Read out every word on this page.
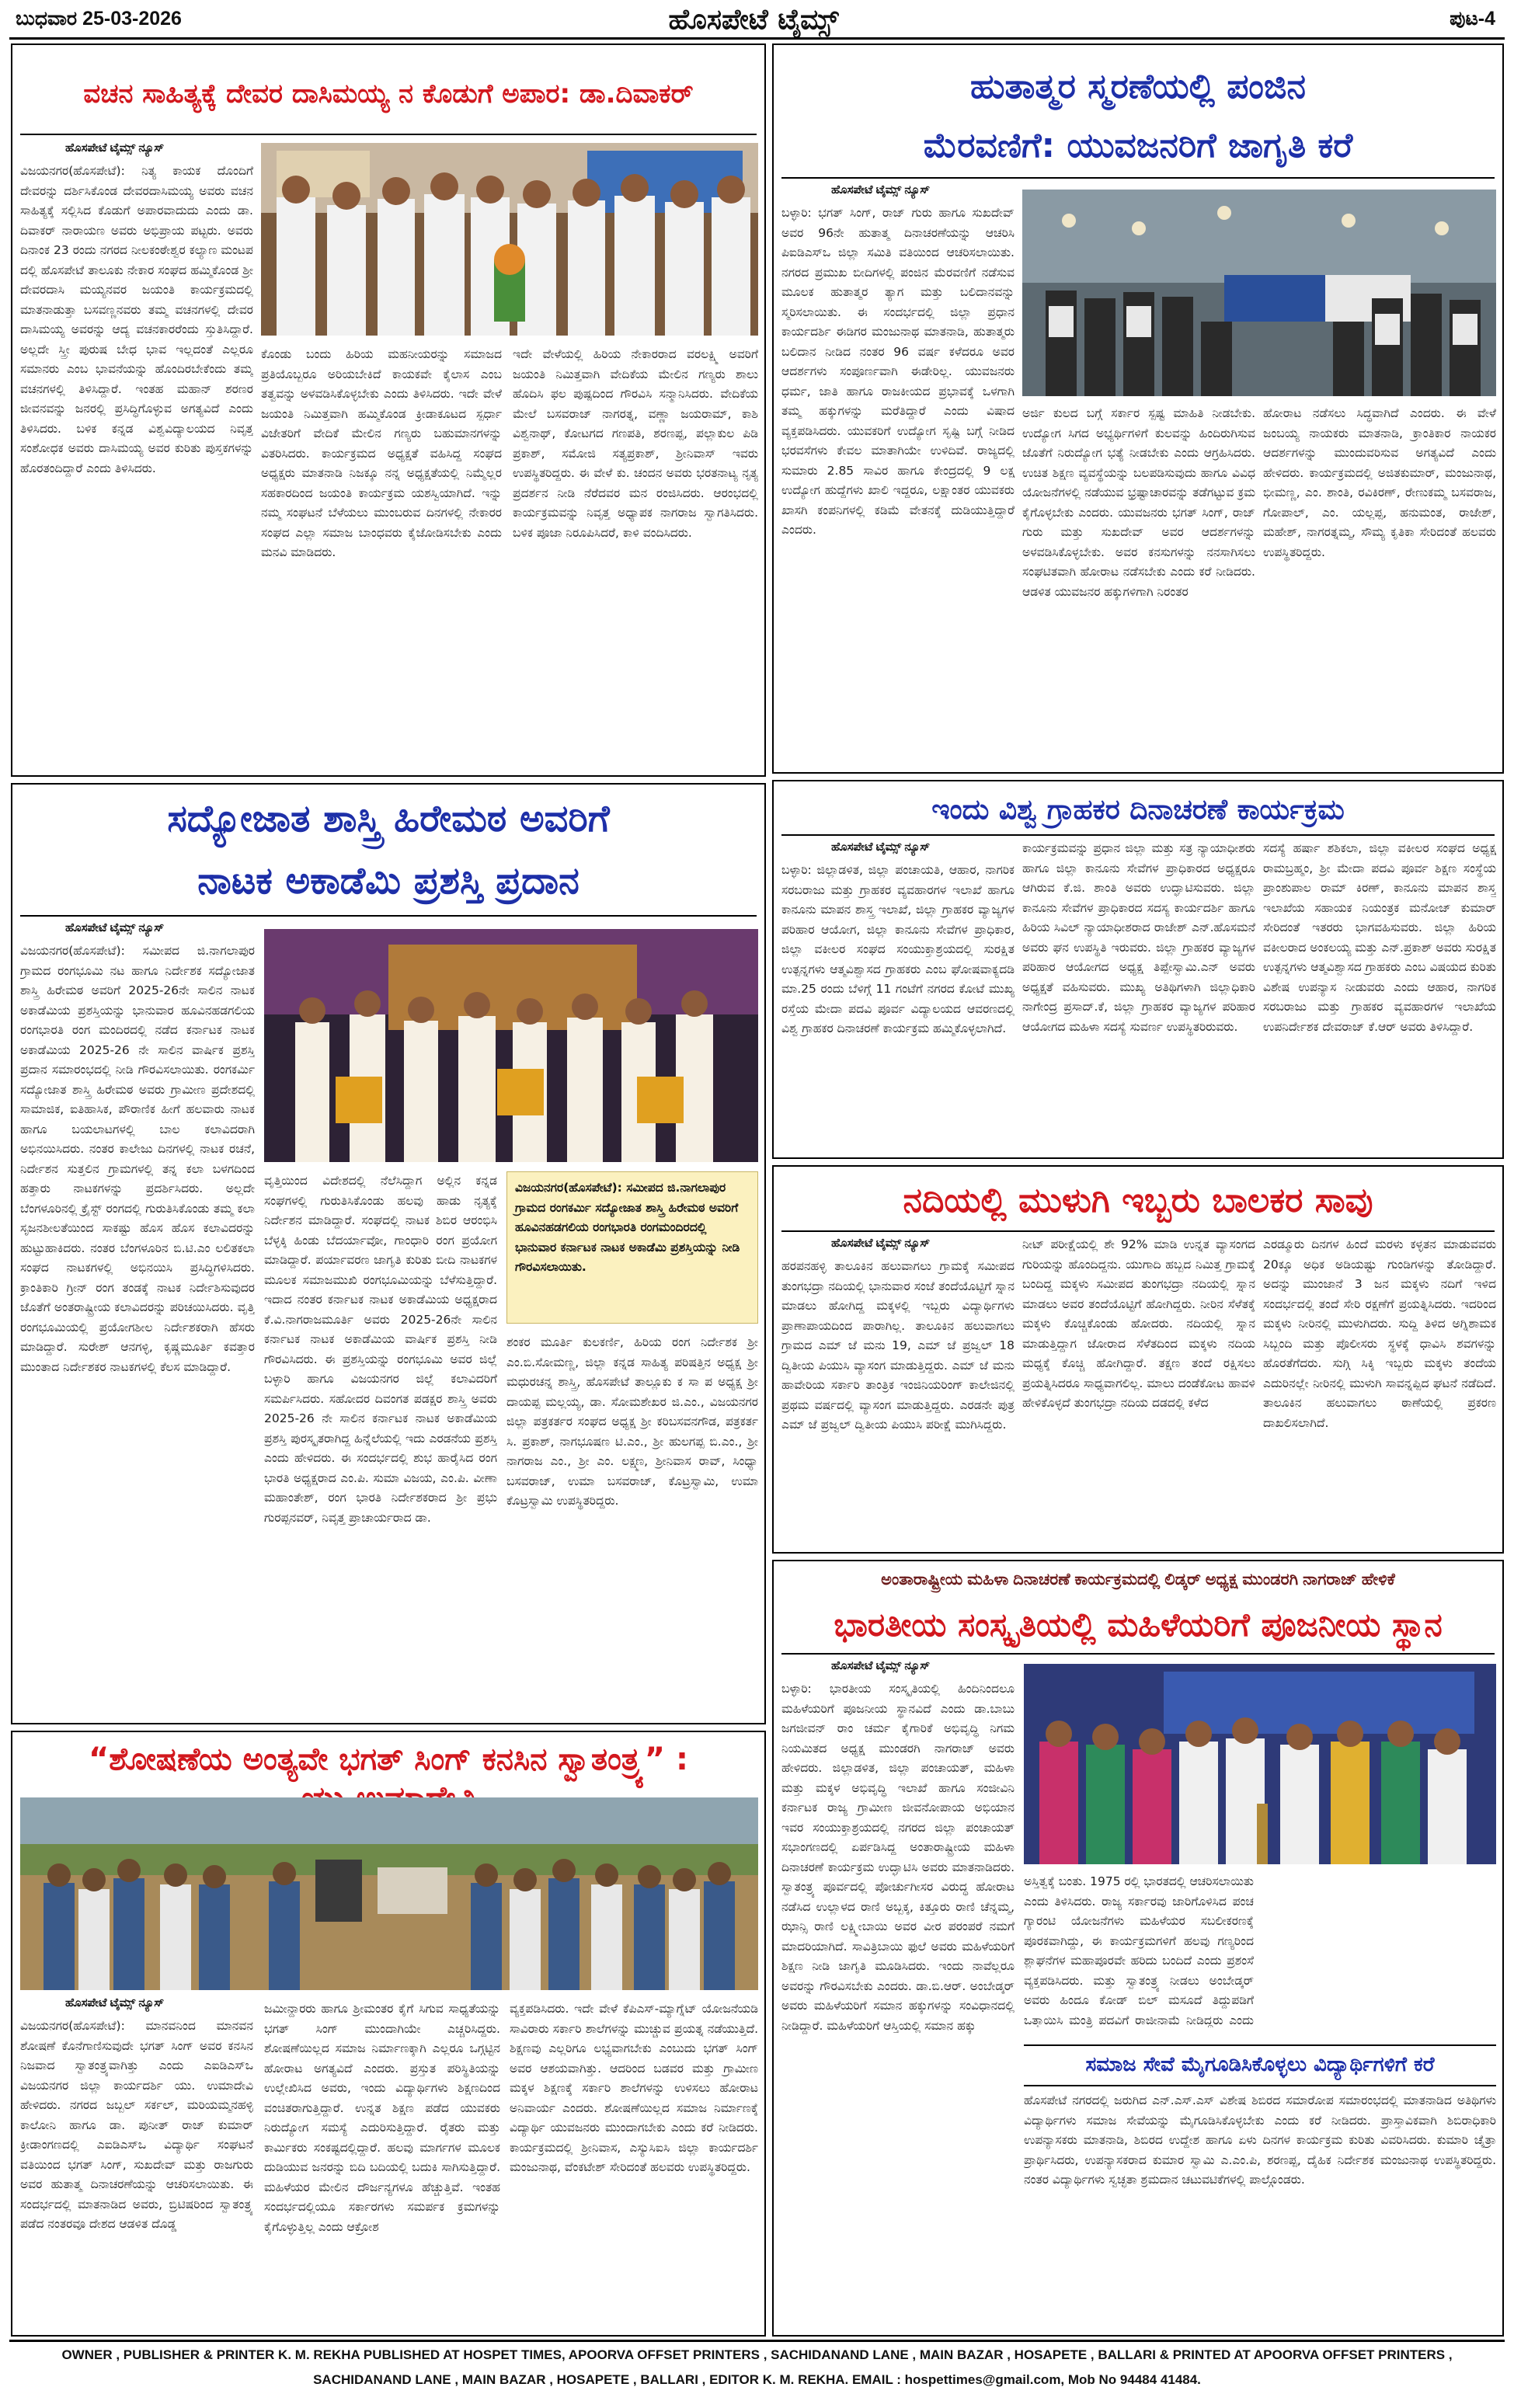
ಬುಧವಾರ 25-03-2026	ಹೊಸಪೇಟೆ ಟೈಮ್ಸ್	ಪುಟ-4
ವಚನ ಸಾಹಿತ್ಯಕ್ಕೆ ದೇವರ ದಾಸಿಮಯ್ಯ ನ ಕೊಡುಗೆ ಅಪಾರ: ಡಾ.ದಿವಾಕರ್
ಹೊಸಪೇಟೆ ಟೈಮ್ಸ್ ನ್ಯೂಸ್
ವಿಜಯನಗರ(ಹೊಸಪೇಟೆ): ನಿತ್ಯ ಕಾಯಕ ದೊಂದಿಗೆ ದೇವರನ್ನು ದರ್ಶಿಸಿಕೊಂಡ ದೇವರದಾಸಿಮಯ್ಯ ಅವರು ವಚನ ಸಾಹಿತ್ಯಕ್ಕೆ ಸಲ್ಲಿಸಿದ ಕೊಡುಗೆ ಅಪಾರವಾದುದು ಎಂದು ಡಾ. ದಿವಾಕರ್ ನಾರಾಯಣ ಅವರು ಅಭಿಪ್ರಾಯ ಪಟ್ಟರು. ಅವರು ದಿನಾಂಕ 23 ರಂದು ನಗರದ ನೀಲಕಂಠೇಶ್ವರ ಕಲ್ಯಾಣ ಮಂಟಪ ದಲ್ಲಿ ಹೊಸಪೇಟೆ ತಾಲೂಕು ನೇಕಾರ ಸಂಘದ ಹಮ್ಮಿಕೊಂಡ ಶ್ರೀ ದೇವರದಾಸಿ ಮಯ್ಯನವರ ಜಯಂತಿ ಕಾರ್ಯಕ್ರಮದಲ್ಲಿ ಮಾತನಾಡುತ್ತಾ ಬಸವಣ್ಣನವರು ತಮ್ಮ ವಚನಗಳಲ್ಲಿ ದೇವರ ದಾಸಿಮಯ್ಯ ಅವರನ್ನು ಆದ್ಯ ವಚನಕಾರರೆಂದು ಸ್ತುತಿಸಿದ್ದಾರೆ. ಅಲ್ಲದೇ ಸ್ತ್ರೀ ಪುರುಷ ಬೇಧ ಭಾವ ಇಲ್ಲದಂತೆ ಎಲ್ಲರೂ ಸಮಾನರು ಎಂಬ ಭಾವನೆಯನ್ನು ಹೊಂದಿರಬೇಕೆಂದು ತಮ್ಮ ವಚನಗಳಲ್ಲಿ ತಿಳಿಸಿದ್ದಾರೆ. ಇಂತಹ ಮಹಾನ್ ಶರಣರ ಜೀವನವನ್ನು ಜನರಲ್ಲಿ ಪ್ರಸಿದ್ಧಿಗೊಳ್ಳುವ ಅಗತ್ಯವಿದೆ ಎಂದು ತಿಳಿಸಿದರು. ಬಳಿಕ ಕನ್ನಡ ವಿಶ್ವವಿದ್ಯಾಲಯದ ನಿವೃತ್ತ ಸಂಶೋಧಕ ಅವರು ದಾಸಿಮಯ್ಯ ಅವರ ಕುರಿತು ಪುಸ್ತಕಗಳನ್ನು ಹೊರತಂದಿದ್ದಾರೆ ಎಂದು ತಿಳಿಸಿದರು.
ಕೊಂಡು ಬಂದು ಹಿರಿಯ ಮಹನೀಯರನ್ನು ಸಮಾಜದ ಪ್ರತಿಯೊಬ್ಬರೂ ಅರಿಯಬೇಕಿದೆ ಕಾಯಕವೇ ಕೈಲಾಸ ಎಂಬ ತತ್ವವನ್ನು ಅಳವಡಿಸಿಕೊಳ್ಳಬೇಕು ಎಂದು ತಿಳಿಸಿದರು. ಇದೇ ವೇಳೆ ಜಯಂತಿ ನಿಮಿತ್ತವಾಗಿ ಹಮ್ಮಿಕೊಂಡ ಕ್ರೀಡಾಕೂಟದ ಸ್ಪರ್ಧಾ ವಿಜೇತರಿಗೆ ವೇದಿಕೆ ಮೇಲಿನ ಗಣ್ಯರು ಬಹುಮಾನಗಳನ್ನು ವಿತರಿಸಿದರು. ಕಾರ್ಯಕ್ರಮದ ಅಧ್ಯಕ್ಷತೆ ವಹಿಸಿದ್ದ ಸಂಘದ ಅಧ್ಯಕ್ಷರು ಮಾತನಾಡಿ ನಿಜಕ್ಕೂ ನನ್ನ ಅಧ್ಯಕ್ಷತೆಯಲ್ಲಿ ನಿಮ್ಮೆಲ್ಲರ ಸಹಕಾರದಿಂದ ಜಯಂತಿ ಕಾರ್ಯಕ್ರಮ ಯಶಸ್ವಿಯಾಗಿದೆ. ಇನ್ನು ನಮ್ಮ ಸಂಘಟನೆ ಬೆಳೆಯಲು ಮುಂಬರುವ ದಿನಗಳಲ್ಲಿ ನೇಕಾರರ ಸಂಘದ ಎಲ್ಲಾ ಸಮಾಜ ಬಾಂಧವರು ಕೈಜೋಡಿಸಬೇಕು ಎಂದು ಮನವಿ ಮಾಡಿದರು.
ಇದೇ ವೇಳೆಯಲ್ಲಿ ಹಿರಿಯ ನೇಕಾರರಾದ ವರಲಕ್ಷ್ಮಿ ಅವರಿಗೆ ಜಯಂತಿ ನಿಮಿತ್ತವಾಗಿ ವೇದಿಕೆಯ ಮೇಲಿನ ಗಣ್ಯರು ಶಾಲು ಹೊದಿಸಿ ಫಲ ಪುಷ್ಪದಿಂದ ಗೌರವಿಸಿ ಸನ್ಮಾನಿಸಿದರು. ವೇದಿಕೆಯ ಮೇಲೆ ಬಸವರಾಜ್ ನಾಗರತ್ನ, ವಣ್ಣಾ ಜಯರಾಮ್, ಕಾಶಿ ವಿಶ್ವನಾಥ್, ಕೋಟಗದ ಗಣಪತಿ, ಶರಣಪ್ಪ, ಪಲ್ಲಾಕುಲ ಪಿಡಿ ಪ್ರಕಾಶ್, ಸಮೋಜಿ ಸತ್ಯಪ್ರಕಾಶ್, ಶ್ರೀನಿವಾಸ್ ಇವರು ಉಪಸ್ಥಿತರಿದ್ದರು. ಈ ವೇಳೆ ಕು. ಚಂದನ ಅವರು ಭರತನಾಟ್ಯ ನೃತ್ಯ ಪ್ರದರ್ಶನ ನೀಡಿ ನೆರೆದವರ ಮನ ರಂಜಿಸಿದರು. ಆರಂಭದಲ್ಲಿ ಕಾರ್ಯಕ್ರಮವನ್ನು ನಿವೃತ್ತ ಅಧ್ಯಾಪಕ ನಾಗರಾಜ ಸ್ವಾಗತಿಸಿದರು. ಬಳಿಕ ಪೂಜಾ ನಿರೂಪಿಸಿದರೆ, ಕಾಳಿ ವಂದಿಸಿದರು.
ಹುತಾತ್ಮರ ಸ್ಮರಣೆಯಲ್ಲಿ ಪಂಜಿನ
ಮೆರವಣಿಗೆ: ಯುವಜನರಿಗೆ ಜಾಗೃತಿ ಕರೆ
ಹೊಸಪೇಟೆ ಟೈಮ್ಸ್ ನ್ಯೂಸ್
ಬಳ್ಳಾರಿ: ಭಗತ್ ಸಿಂಗ್, ರಾಜ್ ಗುರು ಹಾಗೂ ಸುಖದೇವ್ ಅವರ 96ನೇ ಹುತಾತ್ಮ ದಿನಾಚರಣೆಯನ್ನು ಆಚರಿಸಿ ಪಿಐಡಿಎಸ್ಒ ಜಿಲ್ಲಾ ಸಮಿತಿ ವತಿಯಿಂದ ಆಚರಿಸಲಾಯಿತು. ನಗರದ ಪ್ರಮುಖ ಬೀದಿಗಳಲ್ಲಿ ಪಂಜಿನ ಮೆರವಣಿಗೆ ನಡೆಸುವ ಮೂಲಕ ಹುತಾತ್ಮರ ತ್ಯಾಗ ಮತ್ತು ಬಲಿದಾನವನ್ನು ಸ್ಮರಿಸಲಾಯಿತು. ಈ ಸಂದರ್ಭದಲ್ಲಿ ಜಿಲ್ಲಾ ಪ್ರಧಾನ ಕಾರ್ಯದರ್ಶಿ ಈಡಿಗರ ಮಂಜುನಾಥ ಮಾತನಾಡಿ, ಹುತಾತ್ಮರು ಬಲಿದಾನ ನೀಡಿದ ನಂತರ 96 ವರ್ಷ ಕಳೆದರೂ ಅವರ ಆದರ್ಶಗಳು ಸಂಪೂರ್ಣವಾಗಿ ಈಡೇರಿಲ್ಲ. ಯುವಜನರು ಧರ್ಮ, ಜಾತಿ ಹಾಗೂ ರಾಜಕೀಯದ ಪ್ರಭಾವಕ್ಕೆ ಒಳಗಾಗಿ ತಮ್ಮ ಹಕ್ಕುಗಳನ್ನು ಮರೆತಿದ್ದಾರೆ ಎಂದು ವಿಷಾದ ವ್ಯಕ್ತಪಡಿಸಿದರು. ಯುವಕರಿಗೆ ಉದ್ಯೋಗ ಸೃಷ್ಟಿ ಬಗ್ಗೆ ನೀಡಿದ ಭರವಸೆಗಳು ಕೇವಲ ಮಾತಾಗಿಯೇ ಉಳಿದಿವೆ. ರಾಜ್ಯದಲ್ಲಿ ಸುಮಾರು 2.85 ಸಾವಿರ ಹಾಗೂ ಕೇಂದ್ರದಲ್ಲಿ 9 ಲಕ್ಷ ಉದ್ಯೋಗ ಹುದ್ದೆಗಳು ಖಾಲಿ ಇದ್ದರೂ, ಲಕ್ಷಾಂತರ ಯುವಕರು ಖಾಸಗಿ ಕಂಪನಿಗಳಲ್ಲಿ ಕಡಿಮೆ ವೇತನಕ್ಕೆ ದುಡಿಯುತ್ತಿದ್ದಾರೆ ಎಂದರು.
ಅರ್ಜಿ ಕುಲದ ಬಗ್ಗೆ ಸರ್ಕಾರ ಸ್ಪಷ್ಟ ಮಾಹಿತಿ ನೀಡಬೇಕು. ಉದ್ಯೋಗ ಸಿಗದ ಅಭ್ಯರ್ಥಿಗಳಿಗೆ ಕುಲವನ್ನು ಹಿಂದಿರುಗಿಸುವ ಜೊತೆಗೆ ನಿರುದ್ಯೋಗ ಭತ್ಯೆ ನೀಡಬೇಕು ಎಂದು ಆಗ್ರಹಿಸಿದರು. ಉಚಿತ ಶಿಕ್ಷಣ ವ್ಯವಸ್ಥೆಯನ್ನು ಬಲಪಡಿಸುವುದು ಹಾಗೂ ವಿವಿಧ ಯೋಜನೆಗಳಲ್ಲಿ ನಡೆಯುವ ಭ್ರಷ್ಟಾಚಾರವನ್ನು ತಡೆಗಟ್ಟುವ ಕ್ರಮ ಕೈಗೊಳ್ಳಬೇಕು ಎಂದರು. ಯುವಜನರು ಭಗತ್ ಸಿಂಗ್, ರಾಜ್ ಗುರು ಮತ್ತು ಸುಖದೇವ್ ಅವರ ಆದರ್ಶಗಳನ್ನು ಅಳವಡಿಸಿಕೊಳ್ಳಬೇಕು. ಅವರ ಕನಸುಗಳನ್ನು ನನಸಾಗಿಸಲು ಸಂಘಟಿತವಾಗಿ ಹೋರಾಟ ನಡೆಸಬೇಕು ಎಂದು ಕರೆ ನೀಡಿದರು. ಆಡಳಿತ ಯುವಜನರ ಹಕ್ಕುಗಳಿಗಾಗಿ ನಿರಂತರ
ಹೋರಾಟ ನಡೆಸಲು ಸಿದ್ಧವಾಗಿದೆ ಎಂದರು. ಈ ವೇಳೆ ಜಂಬಯ್ಯ ನಾಯಕರು ಮಾತನಾಡಿ, ಕ್ರಾಂತಿಕಾರ ನಾಯಕರ ಆದರ್ಶಗಳನ್ನು ಮುಂದುವರಿಸುವ ಅಗತ್ಯವಿದೆ ಎಂದು ಹೇಳಿದರು. ಕಾರ್ಯಕ್ರಮದಲ್ಲಿ ಅಜಿತಕುಮಾರ್, ಮಂಜುನಾಥ, ಭೀಮಣ್ಣ, ಎಂ. ಶಾಂತಿ, ರವಿಕಿರಣ್, ರೇಣುಕಮ್ಮ ಬಸವರಾಜ, ಗೋಪಾಲ್, ಎಂ. ಯಲ್ಲಪ್ಪ, ಹನುಮಂತ, ರಾಜೇಶ್, ಮಹೇಶ್, ನಾಗರತ್ನಮ್ಮ, ಸೌಮ್ಯ ಕೃತಿಕಾ ಸೇರಿದಂತೆ ಹಲವರು ಉಪಸ್ಥಿತರಿದ್ದರು.
ಸದ್ಯೋಜಾತ ಶಾಸ್ತ್ರಿ ಹಿರೇಮಠ ಅವರಿಗೆ
ನಾಟಕ ಅಕಾಡೆಮಿ ಪ್ರಶಸ್ತಿ ಪ್ರದಾನ
ಹೊಸಪೇಟೆ ಟೈಮ್ಸ್ ನ್ಯೂಸ್
ವಿಜಯನಗರ(ಹೊಸಪೇಟೆ): ಸಮೀಪದ ಜಿ.ನಾಗಲಾಪುರ ಗ್ರಾಮದ ರಂಗಭೂಮಿ ನಟ ಹಾಗೂ ನಿರ್ದೇಶಕ ಸದ್ಯೋಜಾತ ಶಾಸ್ತ್ರಿ ಹಿರೇಮಠ ಅವರಿಗೆ 2025-26ನೇ ಸಾಲಿನ ನಾಟಕ ಅಕಾಡೆಮಿಯ ಪ್ರಶಸ್ತಿಯನ್ನು ಭಾನುವಾರ ಹೂವಿನಹಡಗಲಿಯ ರಂಗಭಾರತಿ ರಂಗ ಮಂದಿರದಲ್ಲಿ ನಡೆದ ಕರ್ನಾಟಕ ನಾಟಕ ಅಕಾಡೆಮಿಯ 2025-26 ನೇ ಸಾಲಿನ ವಾರ್ಷಿಕ ಪ್ರಶಸ್ತಿ ಪ್ರದಾನ ಸಮಾರಂಭದಲ್ಲಿ ನೀಡಿ ಗೌರವಿಸಲಾಯಿತು. ರಂಗಕರ್ಮಿ ಸದ್ಯೋಜಾತ ಶಾಸ್ತ್ರಿ ಹಿರೇಮಠ ಅವರು ಗ್ರಾಮೀಣ ಪ್ರದೇಶದಲ್ಲಿ ಸಾಮಾಜಿಕ, ಐತಿಹಾಸಿಕ, ಪೌರಾಣಿಕ ಹೀಗೆ ಹಲವಾರು ನಾಟಕ ಹಾಗೂ ಬಯಲಾಟಗಳಲ್ಲಿ ಬಾಲ ಕಲಾವಿದರಾಗಿ ಅಭಿನಯಿಸಿದರು. ನಂತರ ಕಾಲೇಜು ದಿನಗಳಲ್ಲಿ ನಾಟಕ ರಚನೆ, ನಿರ್ದೇಶನ ಸುತ್ತಲಿನ ಗ್ರಾಮಗಳಲ್ಲಿ ತನ್ನ ಕಲಾ ಬಳಗದಿಂದ ಹತ್ತಾರು ನಾಟಕಗಳನ್ನು ಪ್ರದರ್ಶಿಸಿದರು. ಅಲ್ಲದೇ ಬೆಂಗಳೂರಿನಲ್ಲಿ ಕ್ರೈಸ್ಟ್ ರಂಗದಲ್ಲಿ ಗುರುತಿಸಿಕೊಂಡು ತಮ್ಮ ಕಲಾ ಸೃಜನಶೀಲತೆಯಿಂದ ಸಾಕಷ್ಟು ಹೊಸ ಹೊಸ ಕಲಾವಿದರನ್ನು ಹುಟ್ಟುಹಾಕಿದರು. ನಂತರ ಬೆಂಗಳೂರಿನ ಬಿ.ಟಿ.ಎಂ ಲಲಿತಕಲಾ ಸಂಘದ ನಾಟಕಗಳಲ್ಲಿ ಅಭಿನಯಿಸಿ ಪ್ರಸಿದ್ಧಿಗಳಿಸಿದರು. ಕ್ರಾಂತಿಕಾರಿ ಗ್ರೀನ್ ರಂಗ ತಂಡಕ್ಕೆ ನಾಟಕ ನಿರ್ದೇಶಿಸುವುದರ ಜೊತೆಗೆ ಅಂತರಾಷ್ಟ್ರೀಯ ಕಲಾವಿದರನ್ನು ಪರಿಚಯಿಸಿದರು. ವೃತ್ತಿ ರಂಗಭೂಮಿಯಲ್ಲಿ ಪ್ರಯೋಗಶೀಲ ನಿರ್ದೇಶಕರಾಗಿ ಹೆಸರು ಮಾಡಿದ್ದಾರೆ. ಸುರೇಶ್ ಆನಗಳ್ಳಿ, ಕೃಷ್ಣಮೂರ್ತಿ ಕವತ್ತಾರ ಮುಂತಾದ ನಿರ್ದೇಶಕರ ನಾಟಕಗಳಲ್ಲಿ ಕೆಲಸ ಮಾಡಿದ್ದಾರೆ.
ವೃತ್ತಿಯಿಂದ ವಿದೇಶದಲ್ಲಿ ನೆಲೆಸಿದ್ದಾಗ ಅಲ್ಲಿನ ಕನ್ನಡ ಸಂಘಗಳಲ್ಲಿ ಗುರುತಿಸಿಕೊಂಡು ಹಲವು ಹಾಡು ನೃತ್ಯಕ್ಕೆ ನಿರ್ದೇಶನ ಮಾಡಿದ್ದಾರೆ. ಸಂಘದಲ್ಲಿ ನಾಟಕ ಶಿಬಿರ ಆರಂಭಿಸಿ ಬೆಳ್ಳಕ್ಕಿ ಹಿಂಡು ಬೆದರ್ಯಾವೋ, ಗಾಂಧಾರಿ ರಂಗ ಪ್ರಯೋಗ ಮಾಡಿದ್ದಾರೆ. ಪರ್ಯಾವರಣ ಜಾಗೃತಿ ಕುರಿತು ಬೀದಿ ನಾಟಕಗಳ ಮೂಲಕ ಸಮಾಜಮುಖಿ ರಂಗಭೂಮಿಯನ್ನು ಬೆಳೆಸುತ್ತಿದ್ದಾರೆ. ಇದಾದ ನಂತರ ಕರ್ನಾಟಕ ನಾಟಕ ಅಕಾಡೆಮಿಯ ಅಧ್ಯಕ್ಷರಾದ ಕೆ.ವಿ.ನಾಗರಾಜಮೂರ್ತಿ ಅವರು 2025-26ನೇ ಸಾಲಿನ ಕರ್ನಾಟಕ ನಾಟಕ ಅಕಾಡೆಮಿಯ ವಾರ್ಷಿಕ ಪ್ರಶಸ್ತಿ ನೀಡಿ ಗೌರವಿಸಿದರು. ಈ ಪ್ರಶಸ್ತಿಯನ್ನು ರಂಗಭೂಮಿ ಅವರ ಜಿಲ್ಲೆ ಬಳ್ಳಾರಿ ಹಾಗೂ ವಿಜಯನಗರ ಜಿಲ್ಲೆ ಕಲಾವಿದರಿಗೆ ಸಮರ್ಪಿಸಿದರು. ಸಹೋದರ ದಿವಂಗತ ಪಡಕ್ಷರ ಶಾಸ್ತ್ರಿ ಅವರು 2025-26 ನೇ ಸಾಲಿನ ಕರ್ನಾಟಕ ನಾಟಕ ಅಕಾಡೆಮಿಯ ಪ್ರಶಸ್ತಿ ಪುರಸ್ಕೃತರಾಗಿದ್ದ ಹಿನ್ನೆಲೆಯಲ್ಲಿ ಇದು ಎರಡನೆಯ ಪ್ರಶಸ್ತಿ ಎಂದು ಹೇಳಿದರು. ಈ ಸಂದರ್ಭದಲ್ಲಿ ಶುಭ ಹಾರೈಸಿದ ರಂಗ ಭಾರತಿ ಅಧ್ಯಕ್ಷರಾದ ಎಂ.ಪಿ. ಸುಮಾ ವಿಜಯ, ಎಂ.ಪಿ. ವೀಣಾ ಮಹಾಂತೇಶ್, ರಂಗ ಭಾರತಿ ನಿರ್ದೇಶಕರಾದ ಶ್ರೀ ಪ್ರಭು ಗುರಪ್ಪನವರ್, ನಿವೃತ್ತ ಪ್ರಾಚಾರ್ಯರಾದ ಡಾ.
ವಿಜಯನಗರ(ಹೊಸಪೇಟೆ): ಸಮೀಪದ ಜಿ.ನಾಗಲಾಪುರ ಗ್ರಾಮದ ರಂಗಕರ್ಮಿ ಸದ್ಯೋಜಾತ ಶಾಸ್ತ್ರಿ ಹಿರೇಮಠ ಅವರಿಗೆ ಹೂವಿನಹಡಗಲಿಯ ರಂಗಭಾರತಿ ರಂಗಮಂದಿರದಲ್ಲಿ ಭಾನುವಾರ ಕರ್ನಾಟಕ ನಾಟಕ ಅಕಾಡೆಮಿ ಪ್ರಶಸ್ತಿಯನ್ನು ನೀಡಿ ಗೌರವಿಸಲಾಯಿತು.
ಶಂಕರ ಮೂರ್ತಿ ಕುಲಕರ್ಣಿ, ಹಿರಿಯ ರಂಗ ನಿರ್ದೇಶಕ ಶ್ರೀ ಎಂ.ಬಿ.ಸೋಮಣ್ಣ, ಜಿಲ್ಲಾ ಕನ್ನಡ ಸಾಹಿತ್ಯ ಪರಿಷತ್ತಿನ ಅಧ್ಯಕ್ಷ ಶ್ರೀ ಮಧುರಚನ್ನ ಶಾಸ್ತ್ರಿ, ಹೊಸಪೇಟೆ ತಾಲ್ಲೂಕು ಕ ಸಾ ಪ ಅಧ್ಯಕ್ಷ ಶ್ರೀ ದಾಯಪ್ಪ ಮಲ್ಲಯ್ಯ, ಡಾ. ಸೋಮಶೇಖರ ಜಿ.ಎಂ., ವಿಜಯನಗರ ಜಿಲ್ಲಾ ಪತ್ರಕರ್ತರ ಸಂಘದ ಅಧ್ಯಕ್ಷ ಶ್ರೀ ಕರಿಬಸವನಗೌಡ, ಪತ್ರಕರ್ತ ಸಿ. ಪ್ರಕಾಶ್, ನಾಗಭೂಷಣ ಟಿ.ಎಂ., ಶ್ರೀ ಹುಲಗಪ್ಪ ಬಿ.ಎಂ., ಶ್ರೀ ನಾಗರಾಜ ಎಂ., ಶ್ರೀ ಎಂ. ಲಕ್ಷ್ಮಣ, ಶ್ರೀನಿವಾಸ ರಾವ್, ಸಿಂಧ್ಯಾ ಬಸವರಾಜ್, ಉಮಾ ಬಸವರಾಜ್, ಕೊಟ್ರಸ್ವಾಮಿ, ಉಮಾ ಕೊಟ್ರಸ್ವಾಮಿ ಉಪಸ್ಥಿತರಿದ್ದರು.
ಇಂದು ವಿಶ್ವ ಗ್ರಾಹಕರ ದಿನಾಚರಣೆ ಕಾರ್ಯಕ್ರಮ
ಹೊಸಪೇಟೆ ಟೈಮ್ಸ್ ನ್ಯೂಸ್
ಬಳ್ಳಾರಿ: ಜಿಲ್ಲಾಡಳಿತ, ಜಿಲ್ಲಾ ಪಂಚಾಯತಿ, ಆಹಾರ, ನಾಗರಿಕ ಸರಬರಾಜು ಮತ್ತು ಗ್ರಾಹಕರ ವ್ಯವಹಾರಗಳ ಇಲಾಖೆ ಹಾಗೂ ಕಾನೂನು ಮಾಪನ ಶಾಸ್ತ್ರ ಇಲಾಖೆ, ಜಿಲ್ಲಾ ಗ್ರಾಹಕರ ವ್ಯಾಜ್ಯಗಳ ಪರಿಹಾರ ಆಯೋಗ, ಜಿಲ್ಲಾ ಕಾನೂನು ಸೇವೆಗಳ ಪ್ರಾಧಿಕಾರ, ಜಿಲ್ಲಾ ವಕೀಲರ ಸಂಘದ ಸಂಯುಕ್ತಾಶ್ರಯದಲ್ಲಿ ಸುರಕ್ಷಿತ ಉತ್ಪನ್ನಗಳು ಆತ್ಮವಿಶ್ವಾಸದ ಗ್ರಾಹಕರು ಎಂಬ ಘೋಷವಾಕ್ಯದಡಿ ಮಾ.25 ರಂದು ಬೆಳಿಗ್ಗೆ 11 ಗಂಟೆಗೆ ನಗರದ ಕೋಟೆ ಮುಖ್ಯ ರಸ್ತೆಯ ಮೇದಾ ಪದವಿ ಪೂರ್ವ ವಿದ್ಯಾಲಯದ ಆವರಣದಲ್ಲಿ ವಿಶ್ವ ಗ್ರಾಹಕರ ದಿನಾಚರಣೆ ಕಾರ್ಯಕ್ರಮ ಹಮ್ಮಿಕೊಳ್ಳಲಾಗಿದೆ.
ಕಾರ್ಯಕ್ರಮವನ್ನು ಪ್ರಧಾನ ಜಿಲ್ಲಾ ಮತ್ತು ಸತ್ರ ನ್ಯಾಯಾಧೀಶರು ಹಾಗೂ ಜಿಲ್ಲಾ ಕಾನೂನು ಸೇವೆಗಳ ಪ್ರಾಧಿಕಾರದ ಅಧ್ಯಕ್ಷರೂ ಆಗಿರುವ ಕೆ.ಜಿ. ಶಾಂತಿ ಅವರು ಉದ್ಘಾಟಿಸುವರು. ಜಿಲ್ಲಾ ಕಾನೂನು ಸೇವೆಗಳ ಪ್ರಾಧಿಕಾರದ ಸದಸ್ಯ ಕಾರ್ಯದರ್ಶಿ ಹಾಗೂ ಹಿರಿಯ ಸಿವಿಲ್ ನ್ಯಾಯಾಧೀಶರಾದ ರಾಜೇಶ್ ಎನ್.ಹೊಸಮನೆ ಅವರು ಘನ ಉಪಸ್ಥಿತಿ ಇರುವರು. ಜಿಲ್ಲಾ ಗ್ರಾಹಕರ ವ್ಯಾಜ್ಯಗಳ ಪರಿಹಾರ ಆಯೋಗದ ಅಧ್ಯಕ್ಷ ತಿಪ್ಪೇಸ್ವಾಮಿ.ಎನ್ ಅವರು ಅಧ್ಯಕ್ಷತೆ ವಹಿಸುವರು. ಮುಖ್ಯ ಅತಿಥಿಗಳಾಗಿ ಜಿಲ್ಲಾಧಿಕಾರಿ ನಾಗೇಂದ್ರ ಪ್ರಸಾದ್.ಕೆ, ಜಿಲ್ಲಾ ಗ್ರಾಹಕರ ವ್ಯಾಜ್ಯಗಳ ಪರಿಹಾರ ಆಯೋಗದ ಮಹಿಳಾ ಸದಸ್ಯೆ ಸುವರ್ಣ ಉಪಸ್ಥಿತರಿರುವರು.
ಸದಸ್ಯೆ ಹರ್ಷಾ ಶಶಿಕಲಾ, ಜಿಲ್ಲಾ ವಕೀಲರ ಸಂಘದ ಅಧ್ಯಕ್ಷ ರಾಮಬ್ರಹ್ಮಂ, ಶ್ರೀ ಮೇದಾ ಪದವಿ ಪೂರ್ವ ಶಿಕ್ಷಣ ಸಂಸ್ಥೆಯ ಪ್ರಾಂಶುಪಾಲ ರಾಮ್ ಕಿರಣ್, ಕಾನೂನು ಮಾಪನ ಶಾಸ್ತ್ರ ಇಲಾಖೆಯ ಸಹಾಯಕ ನಿಯಂತ್ರಕ ಮನೋಜ್ ಕುಮಾರ್ ಸೇರಿದಂತೆ ಇತರರು ಭಾಗವಹಿಸುವರು. ಜಿಲ್ಲಾ ಹಿರಿಯ ವಕೀಲರಾದ ಅಂಕಲಯ್ಯ ಮತ್ತು ಎನ್.ಪ್ರಕಾಶ್ ಅವರು ಸುರಕ್ಷಿತ ಉತ್ಪನ್ನಗಳು ಆತ್ಮವಿಶ್ವಾಸದ ಗ್ರಾಹಕರು ಎಂಬ ವಿಷಯದ ಕುರಿತು ವಿಶೇಷ ಉಪನ್ಯಾಸ ನೀಡುವರು ಎಂದು ಆಹಾರ, ನಾಗರಿಕ ಸರಬರಾಜು ಮತ್ತು ಗ್ರಾಹಕರ ವ್ಯವಹಾರಗಳ ಇಲಾಖೆಯ ಉಪನಿರ್ದೇಶಕ ದೇವರಾಜ್ ಕೆ.ಆರ್ ಅವರು ತಿಳಿಸಿದ್ದಾರೆ.
ನದಿಯಲ್ಲಿ ಮುಳುಗಿ ಇಬ್ಬರು ಬಾಲಕರ ಸಾವು
ಹೊಸಪೇಟೆ ಟೈಮ್ಸ್ ನ್ಯೂಸ್
ಹರಪನಹಳ್ಳಿ ತಾಲೂಕಿನ ಹಲುವಾಗಲು ಗ್ರಾಮಕ್ಕೆ ಸಮೀಪದ ತುಂಗಭದ್ರಾ ನದಿಯಲ್ಲಿ ಭಾನುವಾರ ಸಂಜೆ ತಂದೆಯೊಟ್ಟಿಗೆ ಸ್ನಾನ ಮಾಡಲು ಹೋಗಿದ್ದ ಮಕ್ಕಳಲ್ಲಿ ಇಬ್ಬರು ವಿದ್ಯಾರ್ಥಿಗಳು ಪ್ರಾಣಾಪಾಯದಿಂದ ಪಾರಾಗಿಲ್ಲ. ತಾಲೂಕಿನ ಹಲುವಾಗಲು ಗ್ರಾಮದ ಎಮ್ ಜೆ ಮನು 19, ಎಮ್ ಜೆ ಪ್ರಜ್ವಲ್ 18 ದ್ವಿತೀಯ ಪಿಯುಸಿ ವ್ಯಾಸಂಗ ಮಾಡುತ್ತಿದ್ದರು. ಎಮ್ ಜೆ ಮನು ಹಾವೇರಿಯ ಸರ್ಕಾರಿ ತಾಂತ್ರಿಕ ಇಂಜಿನಿಯರಿಂಗ್ ಕಾಲೇಜಿನಲ್ಲಿ ಪ್ರಥಮ ವರ್ಷದಲ್ಲಿ ವ್ಯಾಸಂಗ ಮಾಡುತ್ತಿದ್ದರು. ಎರಡನೇ ಪುತ್ರ ಎಮ್ ಜೆ ಪ್ರಜ್ವಲ್ ದ್ವಿತೀಯ ಪಿಯುಸಿ ಪರೀಕ್ಷೆ ಮುಗಿಸಿದ್ದರು.
ನೀಟ್ ಪರೀಕ್ಷೆಯಲ್ಲಿ ಶೇ 92% ಮಾಡಿ ಉನ್ನತ ವ್ಯಾಸಂಗದ ಗುರಿಯನ್ನು ಹೊಂದಿದ್ದನು. ಯುಗಾದಿ ಹಬ್ಬದ ನಿಮಿತ್ತ ಗ್ರಾಮಕ್ಕೆ ಬಂದಿದ್ದ ಮಕ್ಕಳು ಸಮೀಪದ ತುಂಗಭದ್ರಾ ನದಿಯಲ್ಲಿ ಸ್ನಾನ ಮಾಡಲು ಅವರ ತಂದೆಯೊಟ್ಟಿಗೆ ಹೋಗಿದ್ದರು. ನೀರಿನ ಸೆಳೆತಕ್ಕೆ ಮಕ್ಕಳು ಕೊಚ್ಚಿಕೊಂಡು ಹೋದರು. ನದಿಯಲ್ಲಿ ಸ್ನಾನ ಮಾಡುತ್ತಿದ್ದಾಗ ಜೋರಾದ ಸೆಳೆತದಿಂದ ಮಕ್ಕಳು ನದಿಯ ಮಧ್ಯಕ್ಕೆ ಕೊಚ್ಚಿ ಹೋಗಿದ್ದಾರೆ. ತಕ್ಷಣ ತಂದೆ ರಕ್ಷಿಸಲು ಪ್ರಯತ್ನಿಸಿದರೂ ಸಾಧ್ಯವಾಗಲಿಲ್ಲ. ಮಾಲು ದಂಡೆಕೋಟ ಹಾವಳಿ ಹೇಳಿಕೊಳ್ಳದೆ ತುಂಗಭದ್ರಾ ನದಿಯ ದಡದಲ್ಲಿ ಕಳೆದ
ಎರಡ್ಮೂರು ದಿನಗಳ ಹಿಂದೆ ಮರಳು ಕಳ್ಳತನ ಮಾಡುವವರು 20ಕ್ಕೂ ಅಧಿಕ ಅಡಿಯಷ್ಟು ಗುಂಡಿಗಳನ್ನು ತೋಡಿದ್ದಾರೆ. ಅದನ್ನು ಮುಂಜಾನೆ 3 ಜನ ಮಕ್ಕಳು ನದಿಗೆ ಇಳಿದ ಸಂದರ್ಭದಲ್ಲಿ ತಂದೆ ಸೇರಿ ರಕ್ಷಣೆಗೆ ಪ್ರಯತ್ನಿಸಿದರು. ಇದರಿಂದ ಮಕ್ಕಳು ನೀರಿನಲ್ಲಿ ಮುಳುಗಿದರು. ಸುದ್ದಿ ತಿಳಿದ ಅಗ್ನಿಶಾಮಕ ಸಿಬ್ಬಂದಿ ಮತ್ತು ಪೊಲೀಸರು ಸ್ಥಳಕ್ಕೆ ಧಾವಿಸಿ ಶವಗಳನ್ನು ಹೊರತೆಗೆದರು. ಸುಗ್ಗಿ ಸಿಕ್ಕಿ ಇಬ್ಬರು ಮಕ್ಕಳು ತಂದೆಯ ಎದುರಿನಲ್ಲೇ ನೀರಿನಲ್ಲಿ ಮುಳುಗಿ ಸಾವನ್ನಪ್ಪಿದ ಘಟನೆ ನಡೆದಿದೆ. ತಾಲೂಕಿನ ಹಲುವಾಗಲು ಠಾಣೆಯಲ್ಲಿ ಪ್ರಕರಣ ದಾಖಲಿಸಲಾಗಿದೆ.
ಅಂತಾರಾಷ್ಟ್ರೀಯ ಮಹಿಳಾ ದಿನಾಚರಣೆ ಕಾರ್ಯಕ್ರಮದಲ್ಲಿ ಲಿಡ್ಕರ್ ಅಧ್ಯಕ್ಷ ಮುಂಡರಗಿ ನಾಗರಾಜ್ ಹೇಳಿಕೆ
ಭಾರತೀಯ ಸಂಸ್ಕೃತಿಯಲ್ಲಿ ಮಹಿಳೆಯರಿಗೆ ಪೂಜನೀಯ ಸ್ಥಾನ
ಹೊಸಪೇಟೆ ಟೈಮ್ಸ್ ನ್ಯೂಸ್
ಬಳ್ಳಾರಿ: ಭಾರತೀಯ ಸಂಸ್ಕೃತಿಯಲ್ಲಿ ಹಿಂದಿನಿಂದಲೂ ಮಹಿಳೆಯರಿಗೆ ಪೂಜನೀಯ ಸ್ಥಾನವಿದೆ ಎಂದು ಡಾ.ಬಾಬು ಜಗಜೀವನ್ ರಾಂ ಚರ್ಮ ಕೈಗಾರಿಕೆ ಅಭಿವೃದ್ಧಿ ನಿಗಮ ನಿಯಮಿತದ ಅಧ್ಯಕ್ಷ ಮುಂಡರಗಿ ನಾಗರಾಜ್ ಅವರು ಹೇಳಿದರು. ಜಿಲ್ಲಾಡಳಿತ, ಜಿಲ್ಲಾ ಪಂಚಾಯತ್, ಮಹಿಳಾ ಮತ್ತು ಮಕ್ಕಳ ಅಭಿವೃದ್ಧಿ ಇಲಾಖೆ ಹಾಗೂ ಸಂಜೀವಿನಿ ಕರ್ನಾಟಕ ರಾಜ್ಯ ಗ್ರಾಮೀಣ ಜೀವನೋಪಾಯ ಅಭಿಯಾನ ಇವರ ಸಂಯುಕ್ತಾಶ್ರಯದಲ್ಲಿ ನಗರದ ಜಿಲ್ಲಾ ಪಂಚಾಯತ್ ಸಭಾಂಗಣದಲ್ಲಿ ಏರ್ಪಡಿಸಿದ್ದ ಅಂತಾರಾಷ್ಟ್ರೀಯ ಮಹಿಳಾ ದಿನಾಚರಣೆ ಕಾರ್ಯಕ್ರಮ ಉದ್ಘಾಟಿಸಿ ಅವರು ಮಾತನಾಡಿದರು. ಸ್ವಾತಂತ್ರ್ಯ ಪೂರ್ವದಲ್ಲಿ ಪೋರ್ಚುಗೀಸರ ವಿರುದ್ಧ ಹೋರಾಟ ನಡೆಸಿದ ಉಲ್ಲಾಳದ ರಾಣಿ ಅಬ್ಬಕ್ಕ, ಕಿತ್ತೂರು ರಾಣಿ ಚೆನ್ನಮ್ಮ, ಝಾನ್ಸಿ ರಾಣಿ ಲಕ್ಷ್ಮೀಬಾಯಿ ಅವರ ವೀರ ಪರಂಪರೆ ನಮಗೆ ಮಾದರಿಯಾಗಿದೆ. ಸಾವಿತ್ರಿಬಾಯಿ ಫುಲೆ ಅವರು ಮಹಿಳೆಯರಿಗೆ ಶಿಕ್ಷಣ ನೀಡಿ ಜಾಗೃತಿ ಮೂಡಿಸಿದರು. ಇಂದು ನಾವೆಲ್ಲರೂ ಅವರನ್ನು ಗೌರವಿಸಬೇಕು ಎಂದರು. ಡಾ.ಬಿ.ಆರ್. ಅಂಬೇಡ್ಕರ್ ಅವರು ಮಹಿಳೆಯರಿಗೆ ಸಮಾನ ಹಕ್ಕುಗಳನ್ನು ಸಂವಿಧಾನದಲ್ಲಿ ನೀಡಿದ್ದಾರೆ. ಮಹಿಳೆಯರಿಗೆ ಆಸ್ತಿಯಲ್ಲಿ ಸಮಾನ ಹಕ್ಕು
ಅಸ್ತಿತ್ವಕ್ಕೆ ಬಂತು. 1975 ರಲ್ಲಿ ಭಾರತದಲ್ಲಿ ಆಚರಿಸಲಾಯಿತು ಎಂದು ತಿಳಿಸಿದರು. ರಾಜ್ಯ ಸರ್ಕಾರವು ಜಾರಿಗೊಳಿಸಿದ ಪಂಚ ಗ್ಯಾರಂಟಿ ಯೋಜನೆಗಳು ಮಹಿಳೆಯರ ಸಬಲೀಕರಣಕ್ಕೆ ಪೂರಕವಾಗಿದ್ದು, ಈ ಕಾರ್ಯಕ್ರಮಗಳಿಗೆ ಹಲವು ಗಣ್ಯರಿಂದ ಶ್ಲಾಘನೆಗಳ ಮಹಾಪೂರವೇ ಹರಿದು ಬಂದಿದೆ ಎಂದು ಪ್ರಶಂಸೆ ವ್ಯಕ್ತಪಡಿಸಿದರು. ಮತ್ತು ಸ್ವಾತಂತ್ರ್ಯ ನೀಡಲು ಅಂಬೇಡ್ಕರ್ ಅವರು ಹಿಂದೂ ಕೋಡ್ ಬಿಲ್ ಮಸೂದೆ ತಿದ್ದುಪಡಿಗೆ ಒತ್ತಾಯಿಸಿ ಮಂತ್ರಿ ಪದವಿಗೆ ರಾಜೀನಾಮೆ ನೀಡಿದ್ದರು ಎಂದು
ಸಮಾಜ ಸೇವೆ ಮೈಗೂಡಿಸಿಕೊಳ್ಳಲು ವಿದ್ಯಾರ್ಥಿಗಳಿಗೆ ಕರೆ
ಹೊಸಪೇಟೆ ನಗರದಲ್ಲಿ ಜರುಗಿದ ಎನ್.ಎಸ್.ಎಸ್ ವಿಶೇಷ ಶಿಬಿರದ ಸಮಾರೋಪ ಸಮಾರಂಭದಲ್ಲಿ ಮಾತನಾಡಿದ ಅತಿಥಿಗಳು ವಿದ್ಯಾರ್ಥಿಗಳು ಸಮಾಜ ಸೇವೆಯನ್ನು ಮೈಗೂಡಿಸಿಕೊಳ್ಳಬೇಕು ಎಂದು ಕರೆ ನೀಡಿದರು. ಪ್ರಾಸ್ತಾವಿಕವಾಗಿ ಶಿಬಿರಾಧಿಕಾರಿ ಉಪನ್ಯಾಸಕರು ಮಾತನಾಡಿ, ಶಿಬಿರದ ಉದ್ದೇಶ ಹಾಗೂ ಏಳು ದಿನಗಳ ಕಾರ್ಯಕ್ರಮ ಕುರಿತು ವಿವರಿಸಿದರು. ಕುಮಾರಿ ಚೈತ್ರಾ ಪ್ರಾರ್ಥಿಸಿದರು, ಉಪನ್ಯಾಸಕರಾದ ಕುಮಾರ ಸ್ವಾಮಿ ಎ.ಎಂ.ಪಿ, ಶರಣಪ್ಪ, ದೈಹಿಕ ನಿರ್ದೇಶಕ ಮಂಜುನಾಥ ಉಪಸ್ಥಿತರಿದ್ದರು. ನಂತರ ವಿದ್ಯಾರ್ಥಿಗಳು ಸ್ವಚ್ಛತಾ ಶ್ರಮದಾನ ಚಟುವಟಿಕೆಗಳಲ್ಲಿ ಪಾಲ್ಗೊಂಡರು.
“ಶೋಷಣೆಯ ಅಂತ್ಯವೇ ಭಗತ್ ಸಿಂಗ್ ಕನಸಿನ ಸ್ವಾತಂತ್ರ್ಯ” :
ಹೊಸಪೇಟೆ ಟೈಮ್ಸ್ ನ್ಯೂಸ್
ವಿಜಯನಗರ(ಹೊಸಪೇಟೆ): ಮಾನವನಿಂದ ಮಾನವನ ಶೋಷಣೆ ಕೊನೆಗಾಣಿಸುವುದೇ ಭಗತ್ ಸಿಂಗ್ ಅವರ ಕನಸಿನ ನಿಜವಾದ ಸ್ವಾತಂತ್ರ್ಯವಾಗಿತ್ತು ಎಂದು ಎಐಡಿಎಸ್ಒ ವಿಜಯನಗರ ಜಿಲ್ಲಾ ಕಾರ್ಯದರ್ಶಿ ಯು. ಉಮಾದೇವಿ ಹೇಳಿದರು. ನಗರದ ಜಬ್ಬಲ್ ಸರ್ಕಲ್, ಮರಿಯಮ್ಮನಹಳ್ಳಿ ಕಾಲೋನಿ ಹಾಗೂ ಡಾ. ಪುನೀತ್ ರಾಜ್ ಕುಮಾರ್ ಕ್ರೀಡಾಂಗಣದಲ್ಲಿ ಎಐಡಿಎಸ್ಒ ವಿದ್ಯಾರ್ಥಿ ಸಂಘಟನೆ ವತಿಯಿಂದ ಭಗತ್ ಸಿಂಗ್, ಸುಖದೇವ್ ಮತ್ತು ರಾಜಗುರು ಅವರ ಹುತಾತ್ಮ ದಿನಾಚರಣೆಯನ್ನು ಆಚರಿಸಲಾಯಿತು. ಈ ಸಂದರ್ಭದಲ್ಲಿ ಮಾತನಾಡಿದ ಅವರು, ಬ್ರಿಟಿಷರಿಂದ ಸ್ವಾತಂತ್ರ್ಯ ಪಡೆದ ನಂತರವೂ ದೇಶದ ಆಡಳಿತ ದೊಡ್ಡ
ಜಮೀನ್ದಾರರು ಹಾಗೂ ಶ್ರೀಮಂತರ ಕೈಗೆ ಸಿಗುವ ಸಾಧ್ಯತೆಯನ್ನು ಭಗತ್ ಸಿಂಗ್ ಮುಂದಾಗಿಯೇ ಎಚ್ಚರಿಸಿದ್ದರು. ಶೋಷಣೆಯಿಲ್ಲದ ಸಮಾಜ ನಿರ್ಮಾಣಕ್ಕಾಗಿ ಎಲ್ಲರೂ ಒಗ್ಗಟ್ಟಿನ ಹೋರಾಟ ಅಗತ್ಯವಿದೆ ಎಂದರು. ಪ್ರಸ್ತುತ ಪರಿಸ್ಥಿತಿಯನ್ನು ಉಲ್ಲೇಖಿಸಿದ ಅವರು, ಇಂದು ವಿದ್ಯಾರ್ಥಿಗಳು ಶಿಕ್ಷಣದಿಂದ ವಂಚಿತರಾಗುತ್ತಿದ್ದಾರೆ. ಉನ್ನತ ಶಿಕ್ಷಣ ಪಡೆದ ಯುವಕರು ನಿರುದ್ಯೋಗ ಸಮಸ್ಯೆ ಎದುರಿಸುತ್ತಿದ್ದಾರೆ. ರೈತರು ಮತ್ತು ಕಾರ್ಮಿಕರು ಸಂಕಷ್ಟದಲ್ಲಿದ್ದಾರೆ. ಹಲವು ಮಾರ್ಗಗಳ ಮೂಲಕ ದುಡಿಯುವ ಜನರನ್ನು ಬಿದಿ ಬದಿಯಲ್ಲಿ ಬದುಕಿ ಸಾಗಿಸುತ್ತಿದ್ದಾರೆ. ಮಹಿಳೆಯರ ಮೇಲಿನ ದೌರ್ಜನ್ಯಗಳೂ ಹೆಚ್ಚುತ್ತಿವೆ. ಇಂತಹ ಸಂದರ್ಭದಲ್ಲಿಯೂ ಸರ್ಕಾರಗಳು ಸಮರ್ಪಕ ಕ್ರಮಗಳನ್ನು ಕೈಗೊಳ್ಳುತ್ತಿಲ್ಲ ಎಂದು ಆಕ್ರೋಶ
ವ್ಯಕ್ತಪಡಿಸಿದರು. ಇದೇ ವೇಳೆ ಕೆಪಿಎಸ್-ಮ್ಯಾಗ್ನೆಟ್ ಯೋಜನೆಯಡಿ ಸಾವಿರಾರು ಸರ್ಕಾರಿ ಶಾಲೆಗಳನ್ನು ಮುಚ್ಚುವ ಪ್ರಯತ್ನ ನಡೆಯುತ್ತಿದೆ. ಶಿಕ್ಷಣವು ಎಲ್ಲರಿಗೂ ಲಭ್ಯವಾಗಬೇಕು ಎಂಬುದು ಭಗತ್ ಸಿಂಗ್ ಅವರ ಆಶಯವಾಗಿತ್ತು. ಆದರಿಂದ ಬಡವರ ಮತ್ತು ಗ್ರಾಮೀಣ ಮಕ್ಕಳ ಶಿಕ್ಷಣಕ್ಕೆ ಸರ್ಕಾರಿ ಶಾಲೆಗಳನ್ನು ಉಳಿಸಲು ಹೋರಾಟ ಅನಿವಾರ್ಯ ಎಂದರು. ಶೋಷಣೆಯಿಲ್ಲದ ಸಮಾಜ ನಿರ್ಮಾಣಕ್ಕೆ ವಿದ್ಯಾರ್ಥಿ ಯುವಜನರು ಮುಂದಾಗಬೇಕು ಎಂದು ಕರೆ ನೀಡಿದರು. ಕಾರ್ಯಕ್ರಮದಲ್ಲಿ ಶ್ರೀನಿವಾಸ, ಎಸ್ಯುಸಿಐಸಿ ಜಿಲ್ಲಾ ಕಾರ್ಯದರ್ಶಿ ಮಂಜುನಾಥ, ವೆಂಕಟೇಶ್ ಸೇರಿದಂತೆ ಹಲವರು ಉಪಸ್ಥಿತರಿದ್ದರು.
OWNER , PUBLISHER & PRINTER K. M. REKHA PUBLISHED AT HOSPET TIMES, APOORVA OFFSET PRINTERS , SACHIDANAND LANE , MAIN BAZAR , HOSAPETE , BALLARI & PRINTED AT APOORVA OFFSET PRINTERS ,
SACHIDANAND LANE , MAIN BAZAR , HOSAPETE , BALLARI , EDITOR K. M. REKHA. EMAIL : hospettimes@gmail.com, Mob No 94484 41484.
